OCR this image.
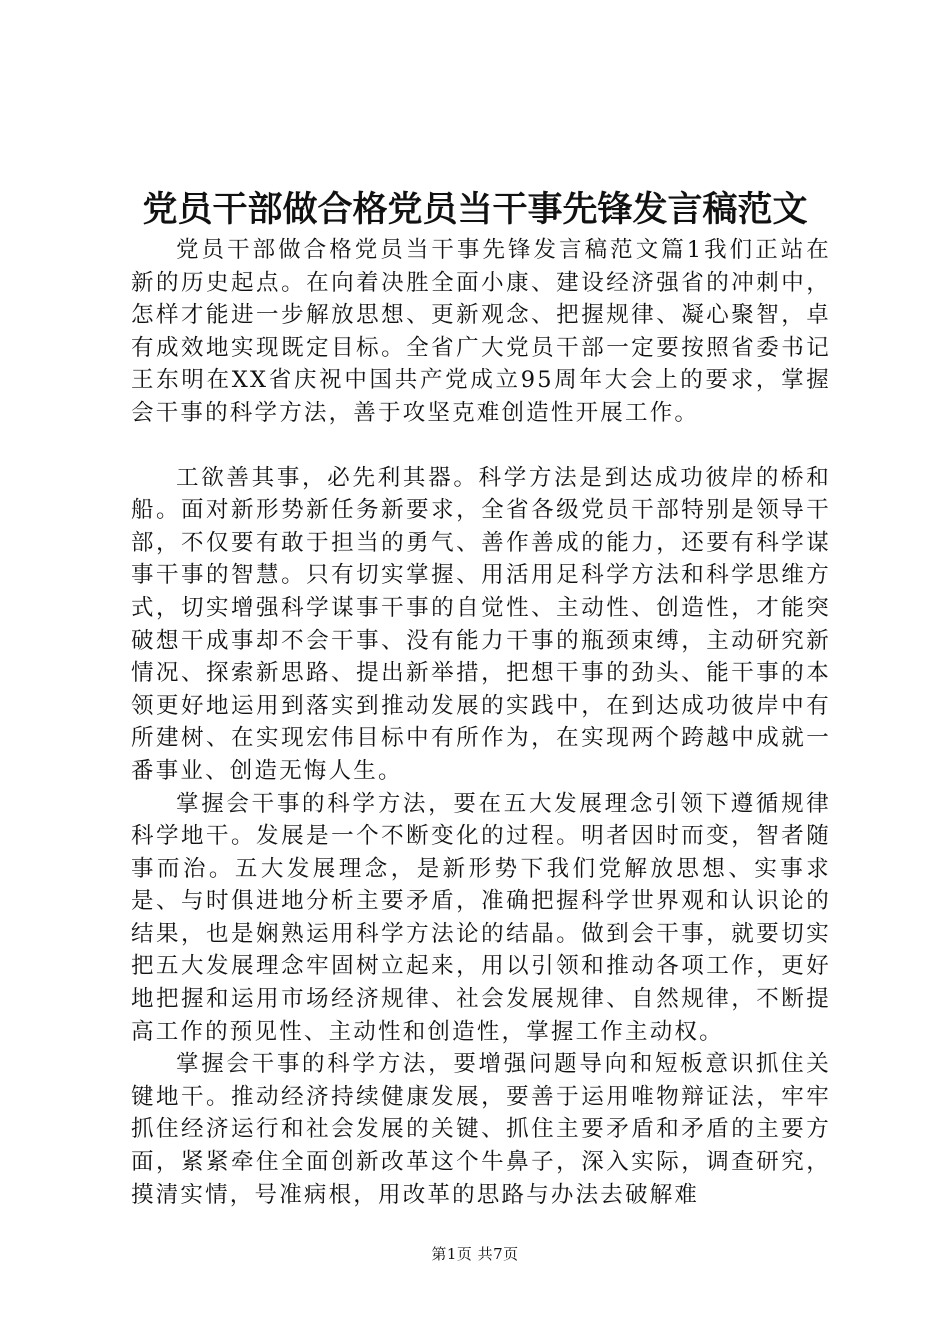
党员干部做合格党员当干事先锋发言稿范文

党员干部做合格党员当干事先锋发言稿范文篇1我们正站在新的历史起点。在向着决胜全面小康、建设经济强省的冲刺中，怎样才能进一步解放思想、更新观念、把握规律、凝心聚智，卓有成效地实现既定目标。全省广大党员干部一定要按照省委书记王东明在XX省庆祝中国共产党成立95周年大会上的要求，掌握会干事的科学方法，善于攻坚克难创造性开展工作。

工欲善其事，必先利其器。科学方法是到达成功彼岸的桥和船。面对新形势新任务新要求，全省各级党员干部特别是领导干部，不仅要有敢于担当的勇气、善作善成的能力，还要有科学谋事干事的智慧。只有切实掌握、用活用足科学方法和科学思维方式，切实增强科学谋事干事的自觉性、主动性、创造性，才能突破想干成事却不会干事、没有能力干事的瓶颈束缚，主动研究新情况、探索新思路、提出新举措，把想干事的劲头、能干事的本领更好地运用到落实到推动发展的实践中，在到达成功彼岸中有所建树、在实现宏伟目标中有所作为，在实现两个跨越中成就一番事业、创造无悔人生。

掌握会干事的科学方法，要在五大发展理念引领下遵循规律科学地干。发展是一个不断变化的过程。明者因时而变，智者随事而治。五大发展理念，是新形势下我们党解放思想、实事求是、与时俱进地分析主要矛盾，准确把握科学世界观和认识论的结果，也是娴熟运用科学方法论的结晶。做到会干事，就要切实把五大发展理念牢固树立起来，用以引领和推动各项工作，更好地把握和运用市场经济规律、社会发展规律、自然规律，不断提高工作的预见性、主动性和创造性，掌握工作主动权。

掌握会干事的科学方法，要增强问题导向和短板意识抓住关键地干。推动经济持续健康发展，要善于运用唯物辩证法，牢牢抓住经济运行和社会发展的关键、抓住主要矛盾和矛盾的主要方面，紧紧牵住全面创新改革这个牛鼻子，深入实际，调查研究，摸清实情，号准病根，用改革的思路与办法去破解难

第1页 共7页
